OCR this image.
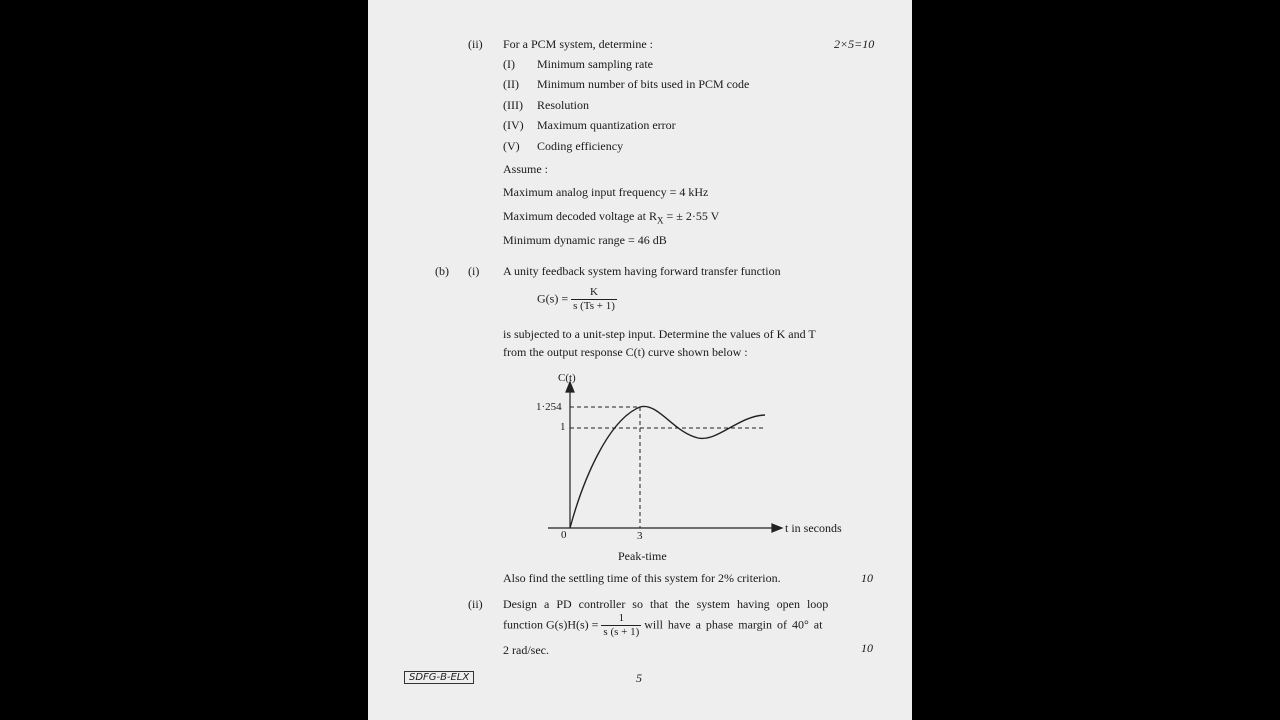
(ii) For a PCM system, determine :	2×5=10
(I) Minimum sampling rate
(II) Minimum number of bits used in PCM code
(III) Resolution
(IV) Maximum quantization error
(V) Coding efficiency
Assume :
Maximum analog input frequency = 4 kHz
Maximum decoded voltage at $R_X$ = ± 2·55 V
Minimum dynamic range = 46 dB
(b) (i) A unity feedback system having forward transfer function
$G(s) = \frac{K}{s (Ts + 1)}$
is subjected to a unit-step input. Determine the values of K and T
from the output response C(t) curve shown below :
C(t)
1·254
1
0	3
t in seconds
Peak-time
Also find the settling time of this system for 2% criterion.	10
(ii) Design a PD controller so that the system having open loop
function $G(s)H(s) = \frac{1}{s (s + 1)}$ will have a phase margin of 40° at
2 rad/sec.	10
SDFG-B-ELX	5
